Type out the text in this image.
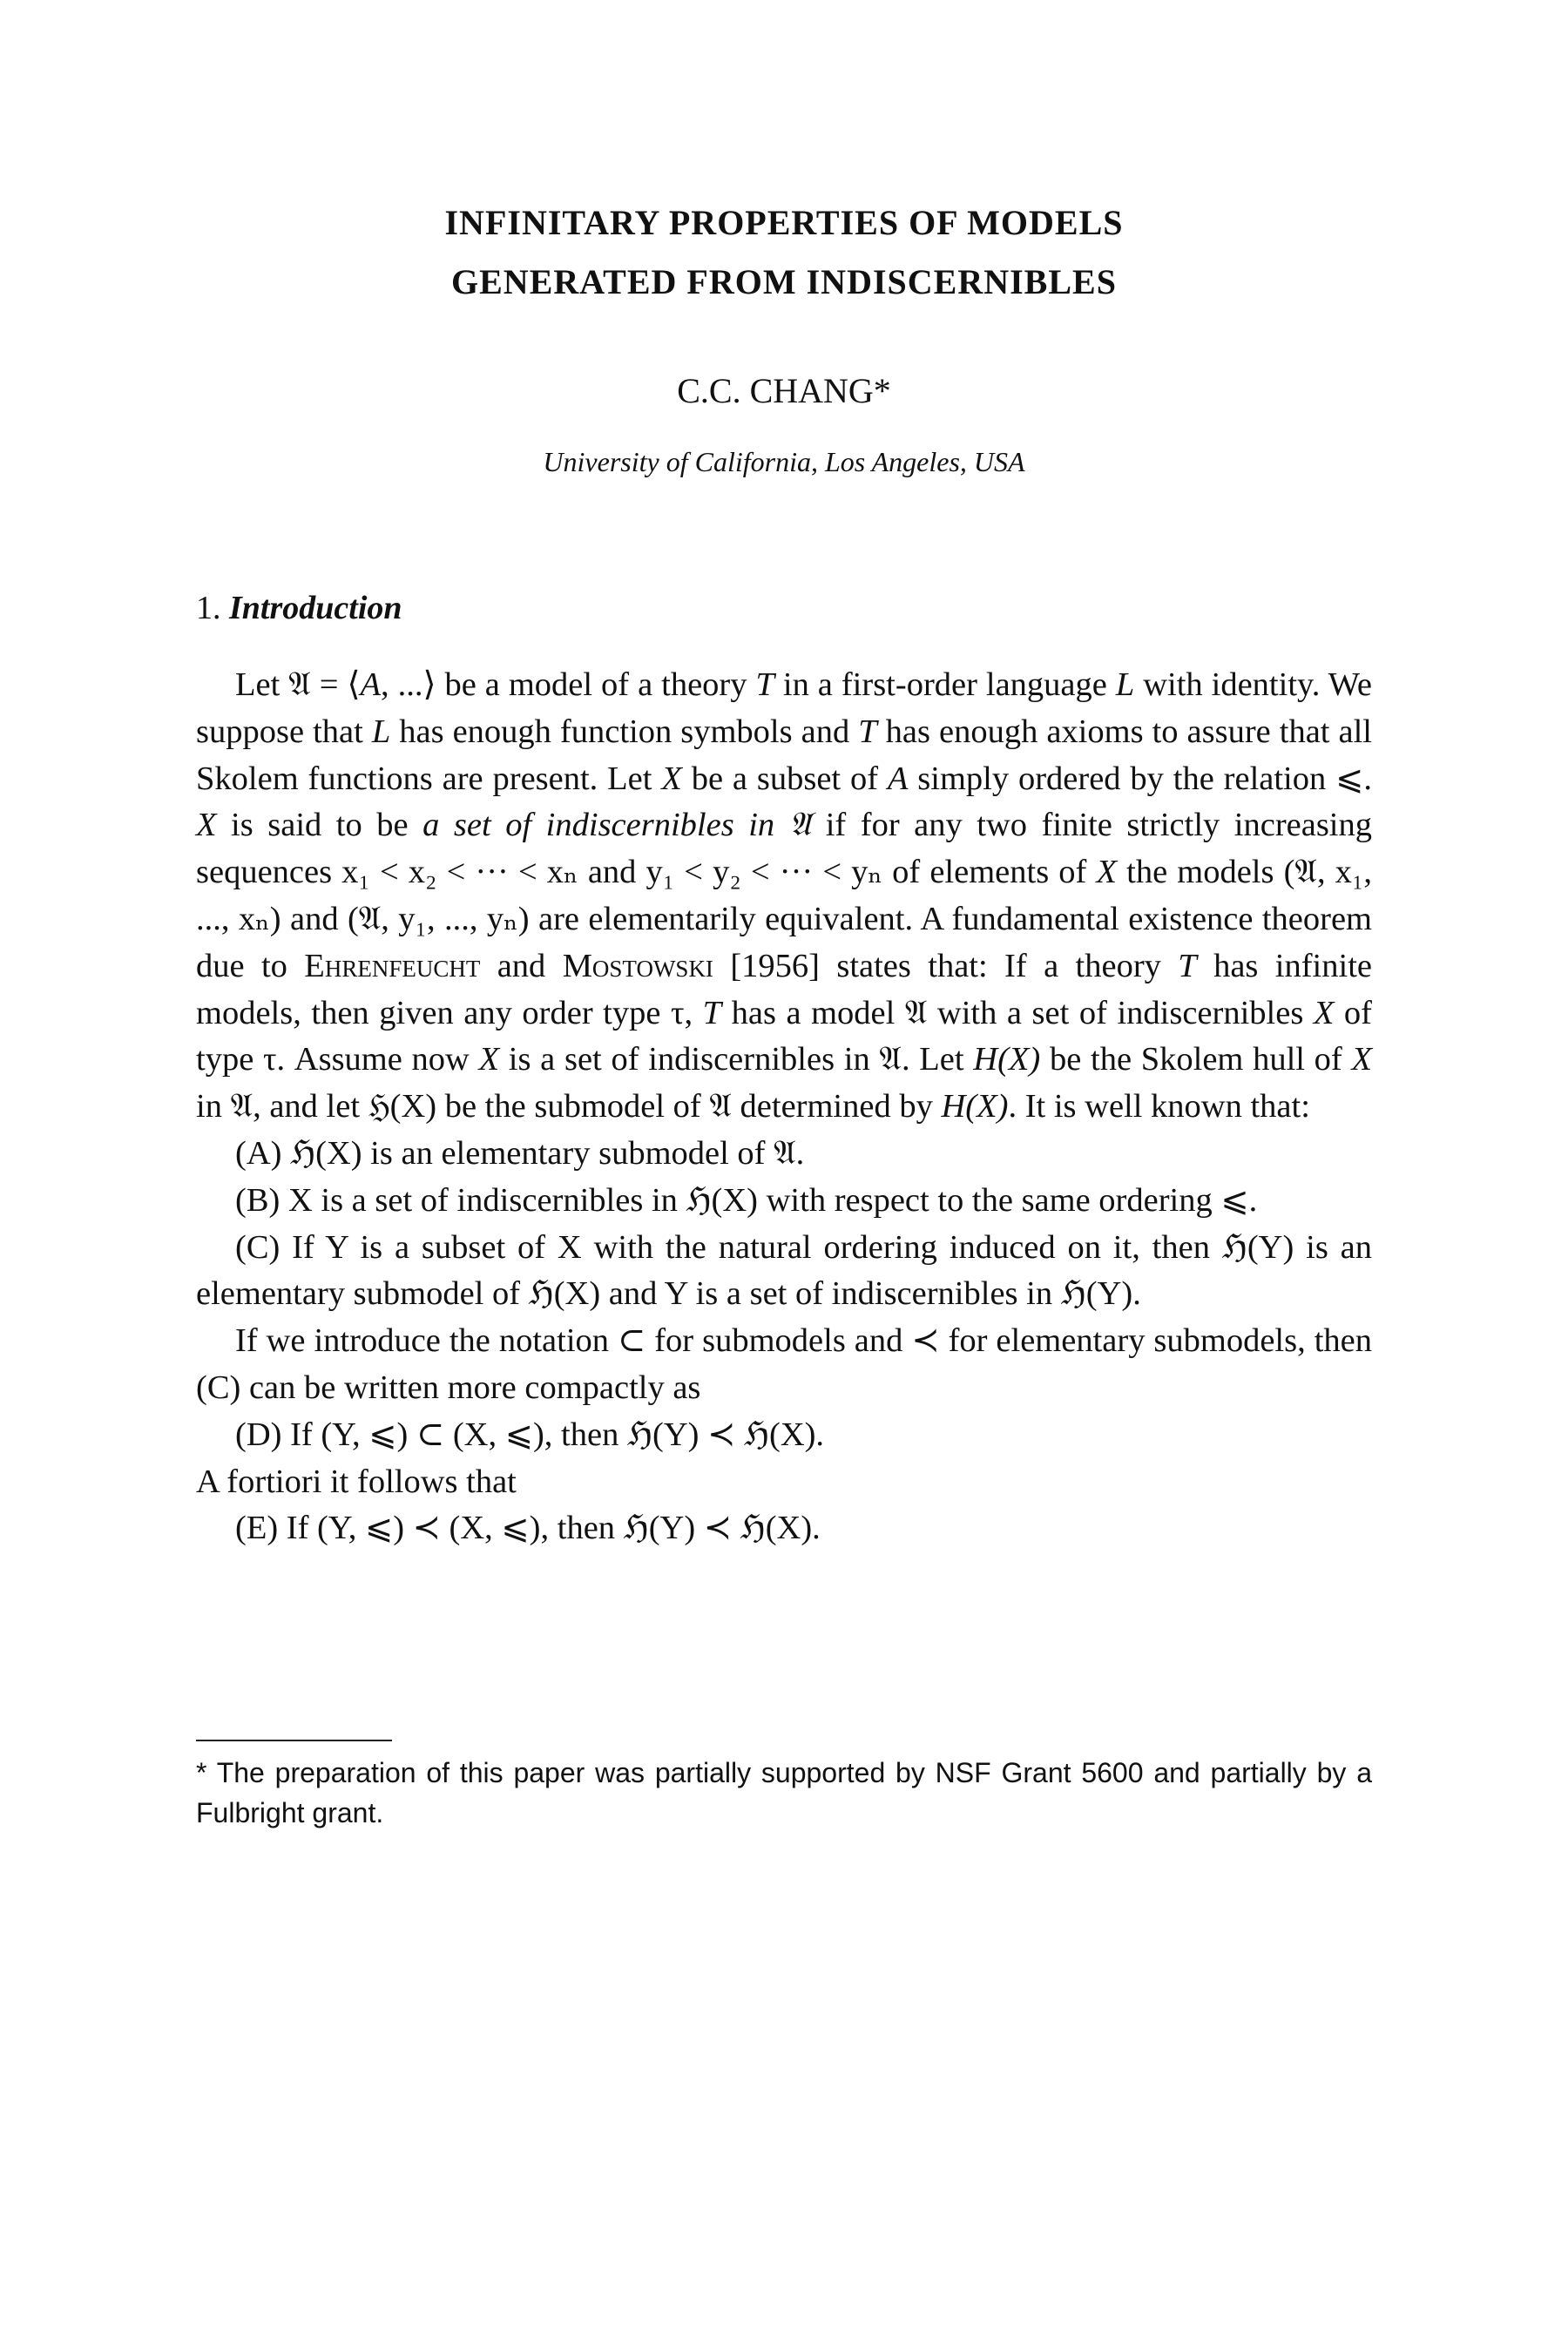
INFINITARY PROPERTIES OF MODELS
GENERATED FROM INDISCERNIBLES
C.C. CHANG*
University of California, Los Angeles, USA
1. Introduction

Let 𝔄 = ⟨A, ...⟩ be a model of a theory T in a first-order language L with identity. We suppose that L has enough function symbols and T has enough axioms to assure that all Skolem functions are present. Let X be a subset of A simply ordered by the relation ⩽. X is said to be a set of indiscernibles in 𝔄 if for any two finite strictly increasing sequences x₁ < x₂ < ··· < xₙ and y₁ < y₂ < ··· < yₙ of elements of X the models (𝔄, x₁, ..., xₙ) and (𝔄, y₁, ..., yₙ) are elementarily equivalent. A fundamental existence theorem due to Ehrenfeucht and Mostowski [1956] states that: If a theory T has infinite models, then given any order type τ, T has a model 𝔄 with a set of indiscernibles X of type τ. Assume now X is a set of indiscernibles in 𝔄. Let H(X) be the Skolem hull of X in 𝔄, and let ℌ(X) be the submodel of 𝔄 determined by H(X). It is well known that:

(A) ℌ(X) is an elementary submodel of 𝔄.

(B) X is a set of indiscernibles in ℌ(X) with respect to the same ordering ⩽.

(C) If Y is a subset of X with the natural ordering induced on it, then ℌ(Y) is an elementary submodel of ℌ(X) and Y is a set of indiscernibles in ℌ(Y).

If we introduce the notation ⊂ for submodels and ≺ for elementary submodels, then (C) can be written more compactly as

(D) If (Y, ⩽) ⊂ (X, ⩽), then ℌ(Y) ≺ ℌ(X).

A fortiori it follows that

(E) If (Y, ⩽) ≺ (X, ⩽), then ℌ(Y) ≺ ℌ(X).

* The preparation of this paper was partially supported by NSF Grant 5600 and partially by a Fulbright grant.
